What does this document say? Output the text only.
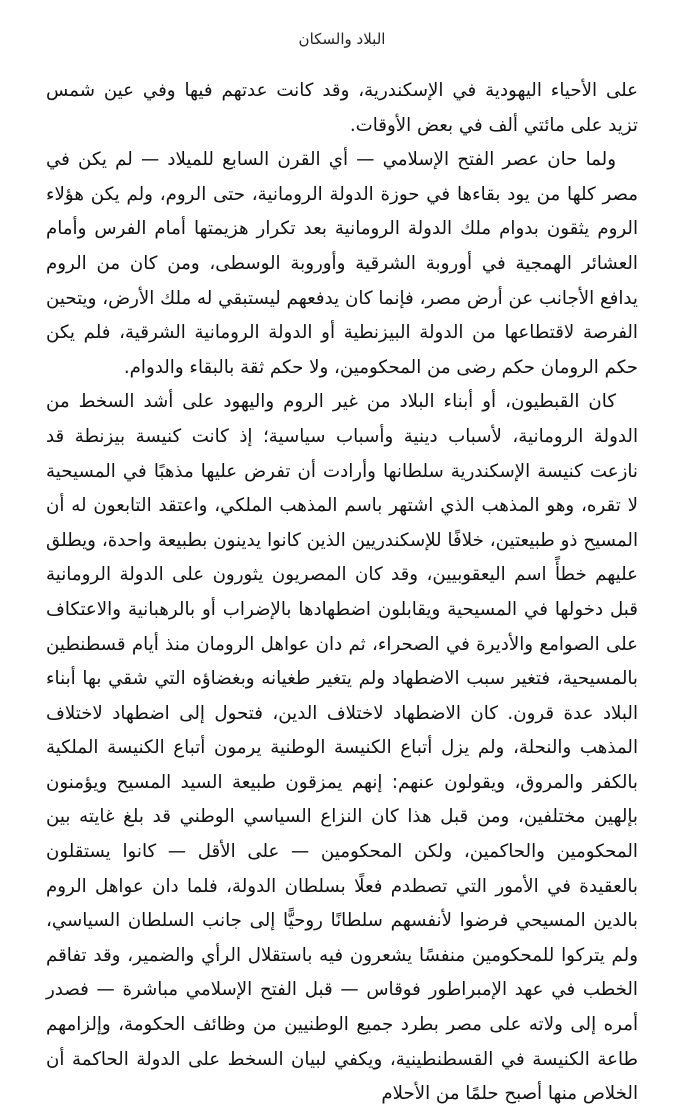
البلاد والسكان

على الأحياء اليهودية في الإسكندرية، وقد كانت عدتهم فيها وفي عين شمس تزيد على مائتي ألف في بعض الأوقات.

ولما حان عصر الفتح الإسلامي — أي القرن السابع للميلاد — لم يكن في مصر كلها من يود بقاءها في حوزة الدولة الرومانية، حتى الروم، ولم يكن هؤلاء الروم يثقون بدوام ملك الدولة الرومانية بعد تكرار هزيمتها أمام الفرس وأمام العشائر الهمجية في أوروبة الشرقية وأوروبة الوسطى، ومن كان من الروم يدافع الأجانب عن أرض مصر، فإنما كان يدفعهم ليستبقي له ملك الأرض، ويتحين الفرصة لاقتطاعها من الدولة البيزنطية أو الدولة الرومانية الشرقية، فلم يكن حكم الرومان حكم رضى من المحكومين، ولا حكم ثقة بالبقاء والدوام.

كان القبطيون، أو أبناء البلاد من غير الروم واليهود على أشد السخط من الدولة الرومانية، لأسباب دينية وأسباب سياسية؛ إذ كانت كنيسة بيزنطة قد نازعت كنيسة الإسكندرية سلطانها وأرادت أن تفرض عليها مذهبًا في المسيحية لا تقره، وهو المذهب الذي اشتهر باسم المذهب الملكي، واعتقد التابعون له أن المسيح ذو طبيعتين، خلافًا للإسكندريين الذين كانوا يدينون بطبيعة واحدة، ويطلق عليهم خطأً اسم اليعقوبيين، وقد كان المصريون يثورون على الدولة الرومانية قبل دخولها في المسيحية ويقابلون اضطهادها بالإضراب أو بالرهبانية والاعتكاف على الصوامع والأديرة في الصحراء، ثم دان عواهل الرومان منذ أيام قسطنطين بالمسيحية، فتغير سبب الاضطهاد ولم يتغير طغيانه وبغضاؤه التي شقي بها أبناء البلاد عدة قرون. كان الاضطهاد لاختلاف الدين، فتحول إلى اضطهاد لاختلاف المذهب والنحلة، ولم يزل أتباع الكنيسة الوطنية يرمون أتباع الكنيسة الملكية بالكفر والمروق، ويقولون عنهم: إنهم يمزقون طبيعة السيد المسيح ويؤمنون بإلهين مختلفين، ومن قبل هذا كان النزاع السياسي الوطني قد بلغ غايته بين المحكومين والحاكمين، ولكن المحكومين — على الأقل — كانوا يستقلون بالعقيدة في الأمور التي تصطدم فعلًا بسلطان الدولة، فلما دان عواهل الروم بالدين المسيحي فرضوا لأنفسهم سلطانًا روحيًّا إلى جانب السلطان السياسي، ولم يتركوا للمحكومين منفسًا يشعرون فيه باستقلال الرأي والضمير، وقد تفاقم الخطب في عهد الإمبراطور فوقاس — قبل الفتح الإسلامي مباشرة — فصدر أمره إلى ولاته على مصر بطرد جميع الوطنيين من وظائف الحكومة، وإلزامهم طاعة الكنيسة في القسطنطينية، ويكفي لبيان السخط على الدولة الحاكمة أن الخلاص منها أصبح حلمًا من الأحلام
